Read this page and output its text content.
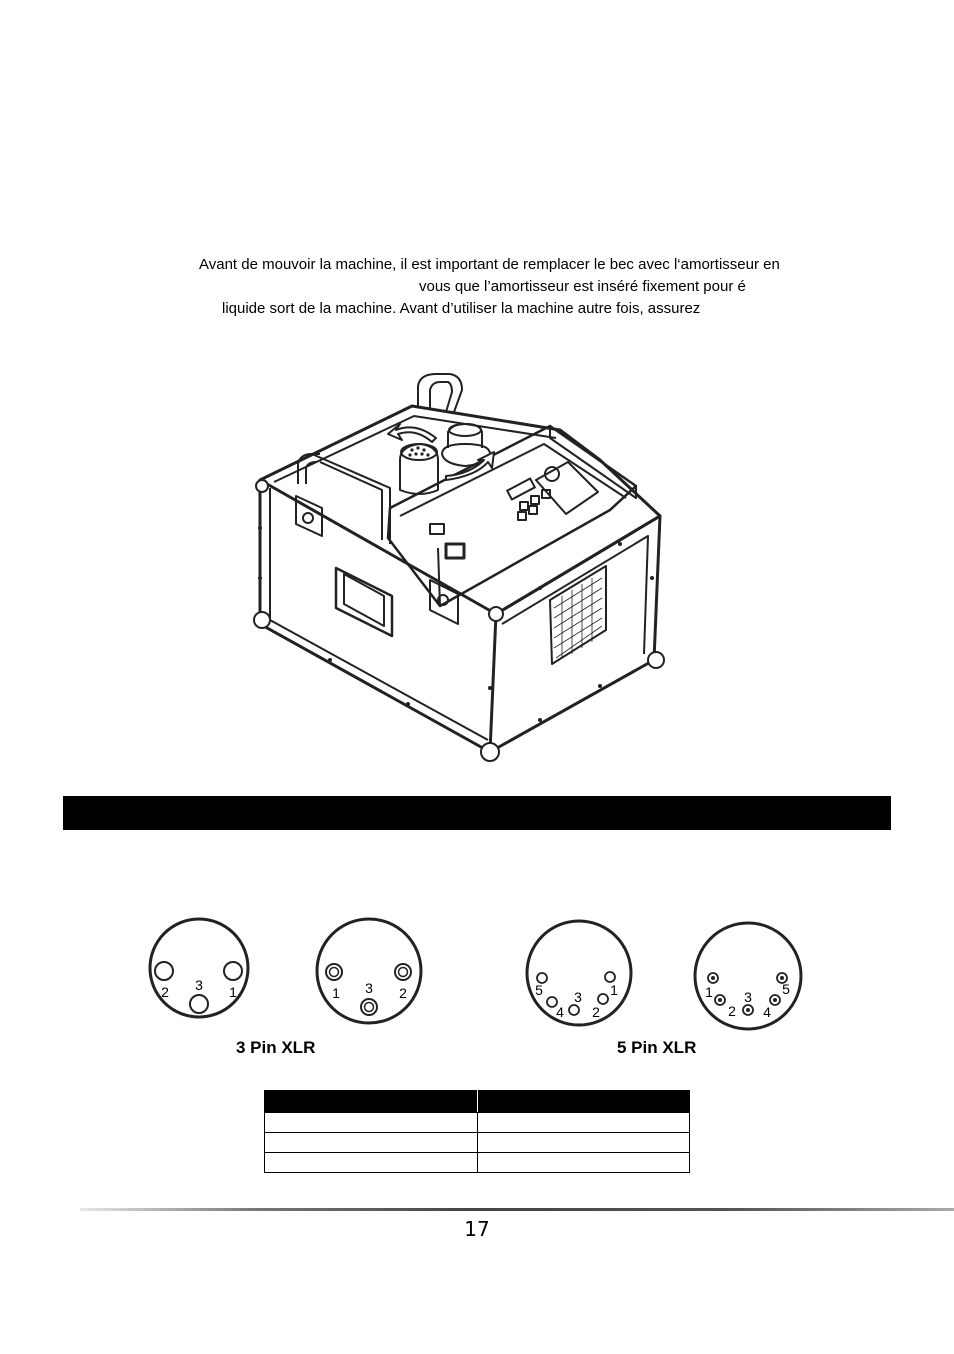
Avant de mouvoir la machine, il est important de remplacer le bec avec l‘amortisseur en
vous que l’amortisseur est inséré fixement pour é
liquide sort de la machine. Avant d’utiliser la machine autre fois, assurez
2 3 1	1 3 2
3 Pin XLR
5 3 1
4 2
1 3 5
2 4
5 Pin XLR

17
